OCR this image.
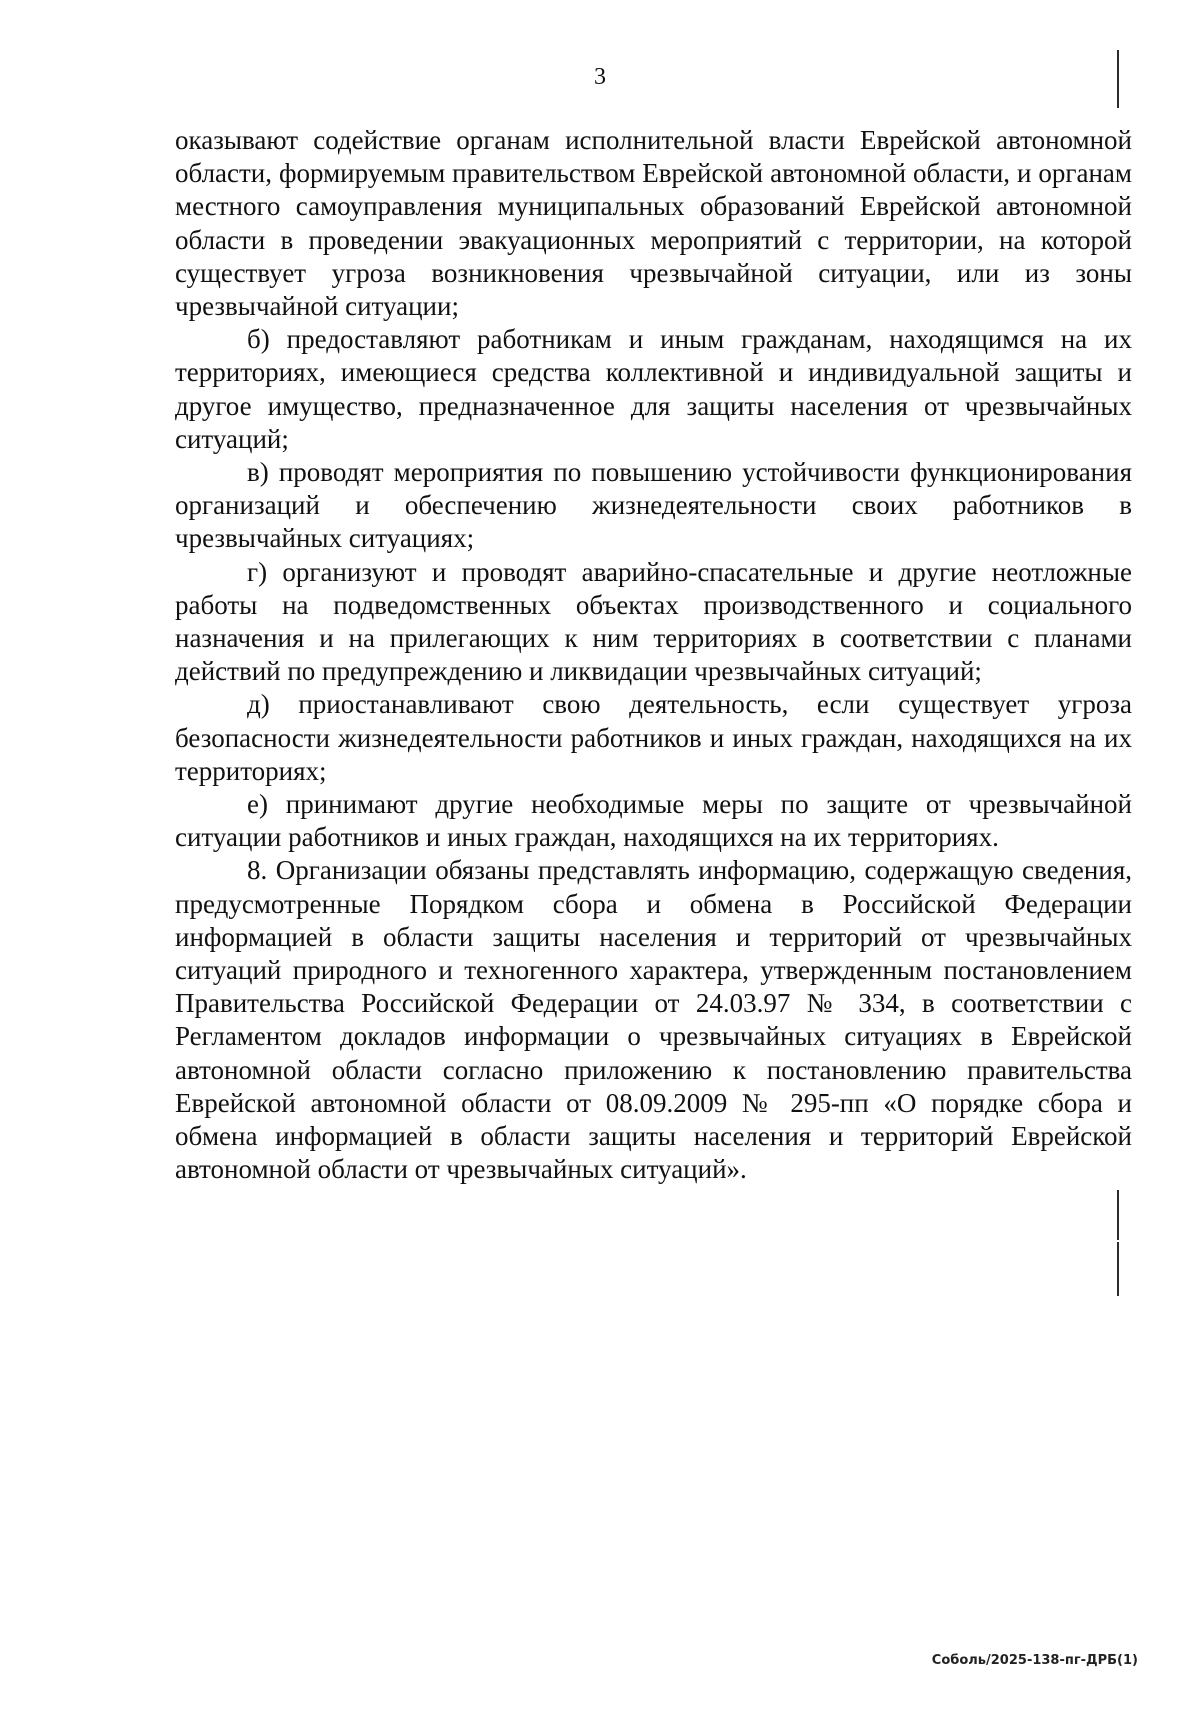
3

оказывают содействие органам исполнительной власти Еврейской автономной области, формируемым правительством Еврейской автономной области, и органам местного самоуправления муниципальных образований Еврейской автономной области в проведении эвакуационных мероприятий с территории, на которой существует угроза возникновения чрезвычайной ситуации, или из зоны чрезвычайной ситуации;

б) предоставляют работникам и иным гражданам, находящимся на их территориях, имеющиеся средства коллективной и индивидуальной защиты и другое имущество, предназначенное для защиты населения от чрезвычайных ситуаций;

в) проводят мероприятия по повышению устойчивости функционирования организаций и обеспечению жизнедеятельности своих работников в чрезвычайных ситуациях;

г) организуют и проводят аварийно-спасательные и другие неотложные работы на подведомственных объектах производственного и социального назначения и на прилегающих к ним территориях в соответствии с планами действий по предупреждению и ликвидации чрезвычайных ситуаций;

д) приостанавливают свою деятельность, если существует угроза безопасности жизнедеятельности работников и иных граждан, находящихся на их территориях;

е) принимают другие необходимые меры по защите от чрезвычайной ситуации работников и иных граждан, находящихся на их территориях.

8. Организации обязаны представлять информацию, содержащую сведения, предусмотренные Порядком сбора и обмена в Российской Федерации информацией в области защиты населения и территорий от чрезвычайных ситуаций природного и техногенного характера, утвержденным постановлением Правительства Российской Федерации от 24.03.97 № 334, в соответствии с Регламентом докладов информации о чрезвычайных ситуациях в Еврейской автономной области согласно приложению к постановлению правительства Еврейской автономной области от 08.09.2009 № 295-пп «О порядке сбора и обмена информацией в области защиты населения и территорий Еврейской автономной области от чрезвычайных ситуаций».

Соболь/2025-138-пг-ДРБ(1)
